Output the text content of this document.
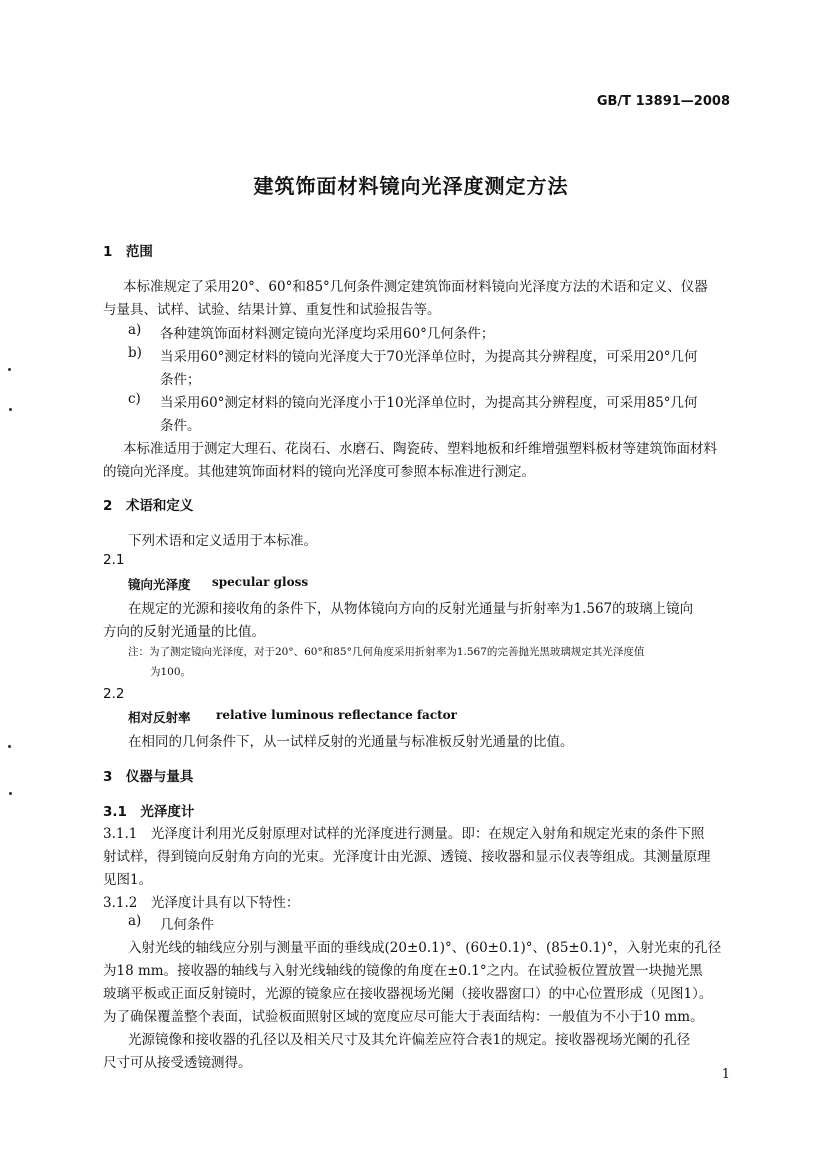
GB/T 13891—2008
建筑饰面材料镜向光泽度测定方法
1　范围
本标准规定了采用20°、60°和85°几何条件测定建筑饰面材料镜向光泽度方法的术语和定义、仪器
与量具、试样、试验、结果计算、重复性和试验报告等。
a) 各种建筑饰面材料测定镜向光泽度均采用60°几何条件；
b) 当采用60°测定材料的镜向光泽度大于70光泽单位时，为提高其分辨程度，可采用20°几何
条件；
c) 当采用60°测定材料的镜向光泽度小于10光泽单位时，为提高其分辨程度，可采用85°几何
条件。
本标准适用于测定大理石、花岗石、水磨石、陶瓷砖、塑料地板和纤维增强塑料板材等建筑饰面材料
的镜向光泽度。其他建筑饰面材料的镜向光泽度可参照本标准进行测定。
2　术语和定义
下列术语和定义适用于本标准。
2.1
镜向光泽度 specular gloss
在规定的光源和接收角的条件下，从物体镜向方向的反射光通量与折射率为1.567的玻璃上镜向
方向的反射光通量的比值。
注：为了测定镜向光泽度，对于20°、60°和85°几何角度采用折射率为1.567的完善抛光黑玻璃规定其光泽度值
为100。
2.2
相对反射率 relative luminous reflectance factor
在相同的几何条件下，从一试样反射的光通量与标准板反射光通量的比值。
3　仪器与量具
3.1　光泽度计
3.1.1　光泽度计利用光反射原理对试样的光泽度进行测量。即：在规定入射角和规定光束的条件下照
射试样，得到镜向反射角方向的光束。光泽度计由光源、透镜、接收器和显示仪表等组成。其测量原理
见图1。
3.1.2　光泽度计具有以下特性：
a) 几何条件
入射光线的轴线应分别与测量平面的垂线成(20±0.1)°、(60±0.1)°、(85±0.1)°，入射光束的孔径
为18 mm。接收器的轴线与入射光线轴线的镜像的角度在±0.1°之内。在试验板位置放置一块抛光黑
玻璃平板或正面反射镜时，光源的镜象应在接收器视场光阑（接收器窗口）的中心位置形成（见图1）。
为了确保覆盖整个表面，试验板面照射区域的宽度应尽可能大于表面结构：一般值为不小于10 mm。
光源镜像和接收器的孔径以及相关尺寸及其允许偏差应符合表1的规定。接收器视场光阑的孔径
尺寸可从接受透镜测得。
1
